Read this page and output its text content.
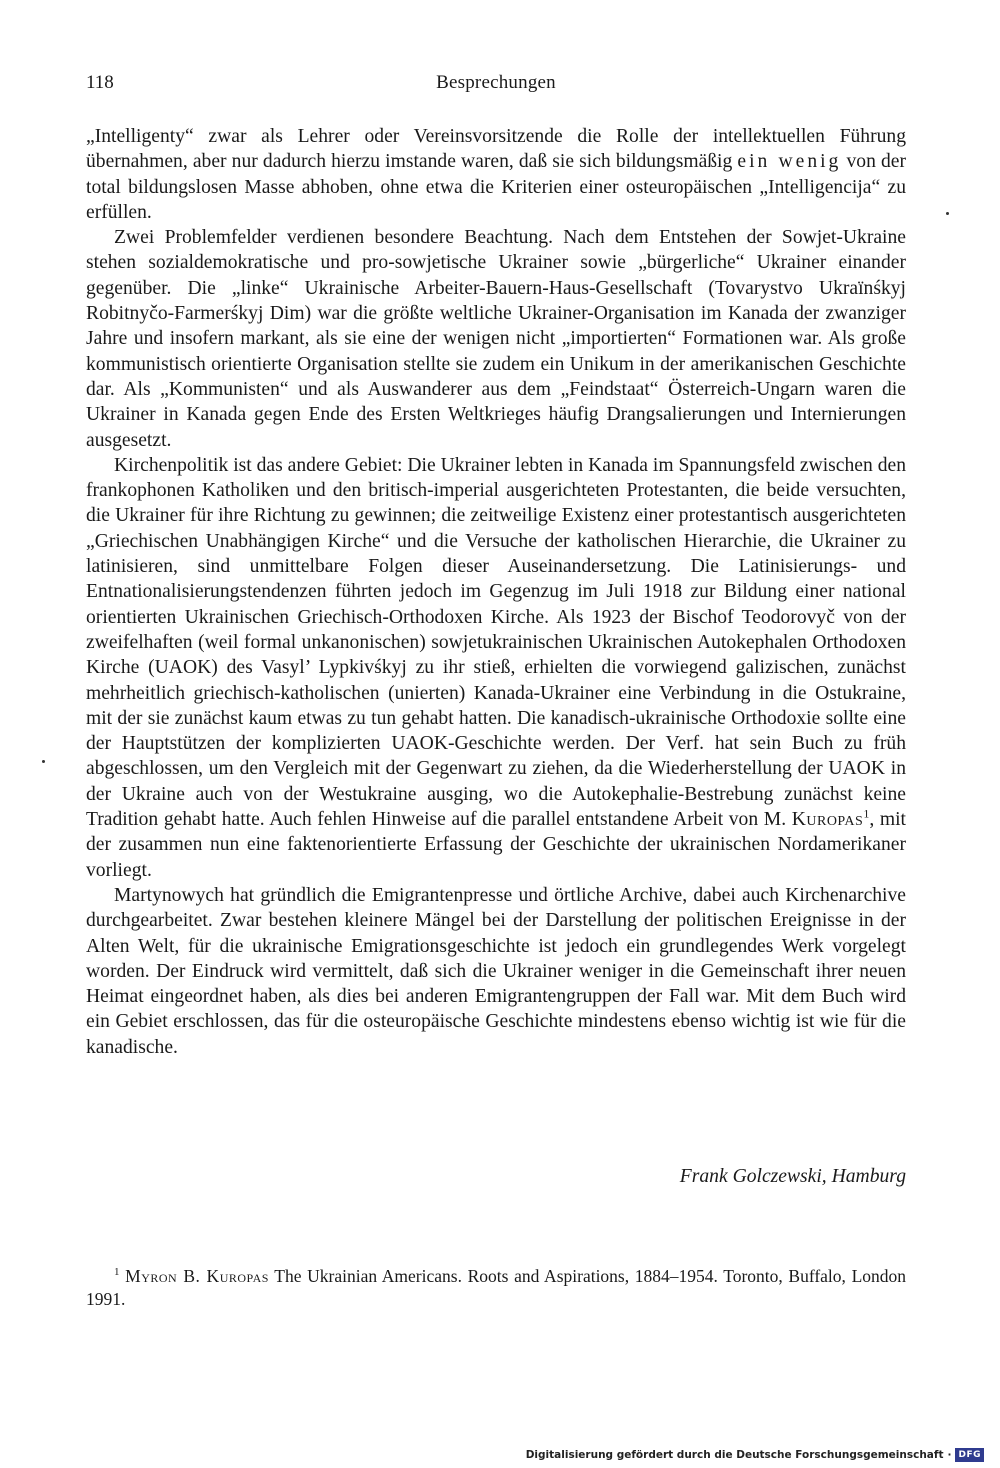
118	Besprechungen

„Intelligenty“ zwar als Lehrer oder Vereinsvorsitzende die Rolle der intellektuellen Führung übernahmen, aber nur dadurch hierzu imstande waren, daß sie sich bildungsmäßig ein wenig von der total bildungslosen Masse abhoben, ohne etwa die Kriterien einer osteuropäischen „Intelligencija“ zu erfüllen.

Zwei Problemfelder verdienen besondere Beachtung. Nach dem Entstehen der Sowjet-Ukraine stehen sozialdemokratische und pro-sowjetische Ukrainer sowie „bürgerliche“ Ukrainer einander gegenüber. Die „linke“ Ukrainische Arbeiter-Bauern-Haus-Gesellschaft (Tovarystvo Ukraïnśkyj Robitnyčo-Farmerśkyj Dim) war die größte weltliche Ukrainer-Organisation im Kanada der zwanziger Jahre und insofern markant, als sie eine der wenigen nicht „importierten“ Formationen war. Als große kommunistisch orientierte Organisation stellte sie zudem ein Unikum in der amerikanischen Geschichte dar. Als „Kommunisten“ und als Auswanderer aus dem „Feindstaat“ Österreich-Ungarn waren die Ukrainer in Kanada gegen Ende des Ersten Weltkrieges häufig Drangsalierungen und Internierungen ausgesetzt.

Kirchenpolitik ist das andere Gebiet: Die Ukrainer lebten in Kanada im Spannungsfeld zwischen den frankophonen Katholiken und den britisch-imperial ausgerichteten Protestanten, die beide versuchten, die Ukrainer für ihre Richtung zu gewinnen; die zeitweilige Existenz einer protestantisch ausgerichteten „Griechischen Unabhängigen Kirche“ und die Versuche der katholischen Hierarchie, die Ukrainer zu latinisieren, sind unmittelbare Folgen dieser Auseinandersetzung. Die Latinisierungs- und Entnationalisierungstendenzen führten jedoch im Gegenzug im Juli 1918 zur Bildung einer national orientierten Ukrainischen Griechisch-Orthodoxen Kirche. Als 1923 der Bischof Teodorovyč von der zweifelhaften (weil formal unkanonischen) sowjetukrainischen Ukrainischen Autokephalen Orthodoxen Kirche (UAOK) des Vasyl’ Lypkivśkyj zu ihr stieß, erhielten die vorwiegend galizischen, zunächst mehrheitlich griechisch-katholischen (unierten) Kanada-Ukrainer eine Verbindung in die Ostukraine, mit der sie zunächst kaum etwas zu tun gehabt hatten. Die kanadisch-ukrainische Orthodoxie sollte eine der Hauptstützen der komplizierten UAOK-Geschichte werden. Der Verf. hat sein Buch zu früh abgeschlossen, um den Vergleich mit der Gegenwart zu ziehen, da die Wiederherstellung der UAOK in der Ukraine auch von der Westukraine ausging, wo die Autokephalie-Bestrebung zunächst keine Tradition gehabt hatte. Auch fehlen Hinweise auf die parallel entstandene Arbeit von M. Kuropas$^1$, mit der zusammen nun eine faktenorientierte Erfassung der Geschichte der ukrainischen Nordamerikaner vorliegt.

Martynowych hat gründlich die Emigrantenpresse und örtliche Archive, dabei auch Kirchenarchive durchgearbeitet. Zwar bestehen kleinere Mängel bei der Darstellung der politischen Ereignisse in der Alten Welt, für die ukrainische Emigrationsgeschichte ist jedoch ein grundlegendes Werk vorgelegt worden. Der Eindruck wird vermittelt, daß sich die Ukrainer weniger in die Gemeinschaft ihrer neuen Heimat eingeordnet haben, als dies bei anderen Emigrantengruppen der Fall war. Mit dem Buch wird ein Gebiet erschlossen, das für die osteuropäische Geschichte mindestens ebenso wichtig ist wie für die kanadische.

Frank Golczewski, Hamburg
$^1$ Myron B. Kuropas The Ukrainian Americans. Roots and Aspirations, 1884–1954. Toronto, Buffalo, London 1991.
Digitalisierung gefördert durch die Deutsche Forschungsgemeinschaft · DFG
